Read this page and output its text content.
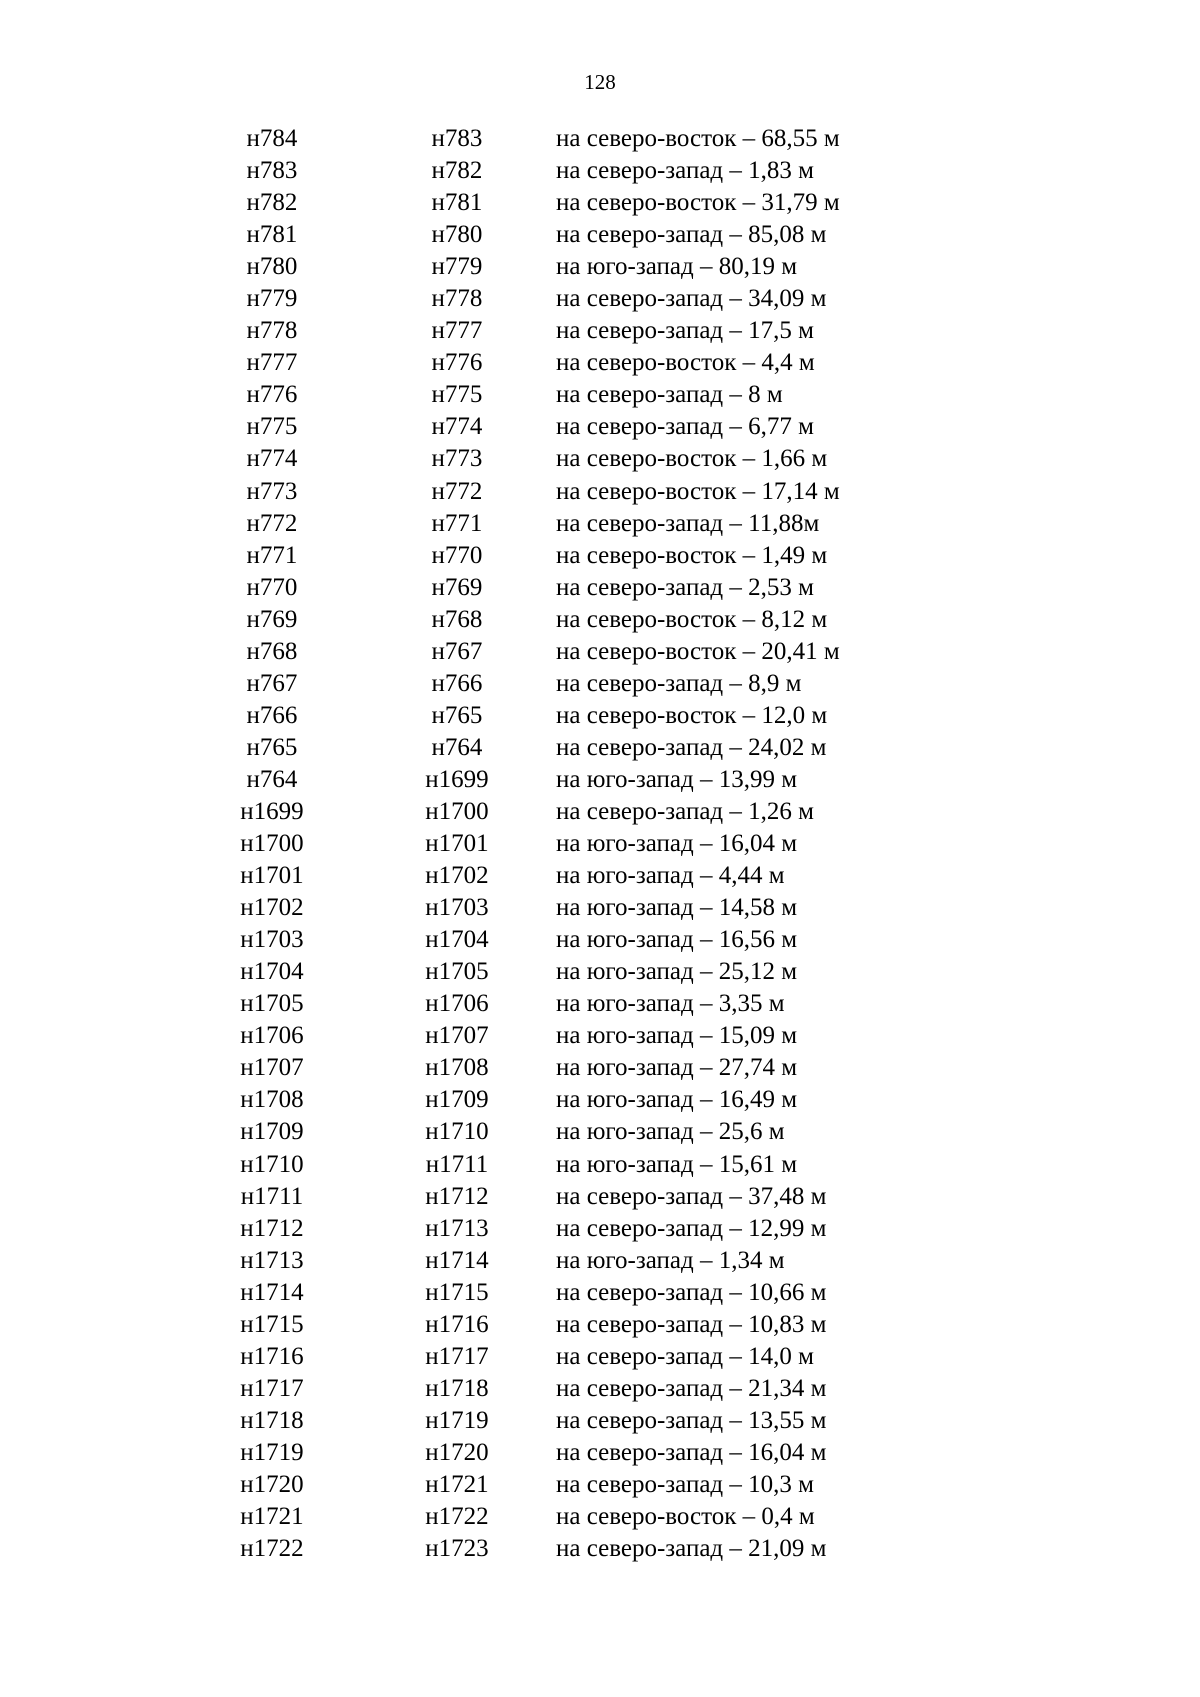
128
н784	н783	на северо-восток – 68,55 м
н783	н782	на северо-запад – 1,83 м
н782	н781	на северо-восток – 31,79 м
н781	н780	на северо-запад – 85,08 м
н780	н779	на юго-запад – 80,19 м
н779	н778	на северо-запад – 34,09 м
н778	н777	на северо-запад – 17,5 м
н777	н776	на северо-восток – 4,4 м
н776	н775	на северо-запад – 8 м
н775	н774	на северо-запад – 6,77 м
н774	н773	на северо-восток – 1,66 м
н773	н772	на северо-восток – 17,14 м
н772	н771	на северо-запад – 11,88м
н771	н770	на северо-восток – 1,49 м
н770	н769	на северо-запад – 2,53 м
н769	н768	на северо-восток – 8,12 м
н768	н767	на северо-восток – 20,41 м
н767	н766	на северо-запад – 8,9 м
н766	н765	на северо-восток – 12,0 м
н765	н764	на северо-запад – 24,02 м
н764	н1699	на юго-запад – 13,99 м
н1699	н1700	на северо-запад – 1,26 м
н1700	н1701	на юго-запад – 16,04 м
н1701	н1702	на юго-запад – 4,44 м
н1702	н1703	на юго-запад – 14,58 м
н1703	н1704	на юго-запад – 16,56 м
н1704	н1705	на юго-запад – 25,12 м
н1705	н1706	на юго-запад – 3,35 м
н1706	н1707	на юго-запад – 15,09 м
н1707	н1708	на юго-запад – 27,74 м
н1708	н1709	на юго-запад – 16,49 м
н1709	н1710	на юго-запад – 25,6 м
н1710	н1711	на юго-запад – 15,61 м
н1711	н1712	на северо-запад – 37,48 м
н1712	н1713	на северо-запад – 12,99 м
н1713	н1714	на юго-запад – 1,34 м
н1714	н1715	на северо-запад – 10,66 м
н1715	н1716	на северо-запад – 10,83 м
н1716	н1717	на северо-запад – 14,0 м
н1717	н1718	на северо-запад – 21,34 м
н1718	н1719	на северо-запад – 13,55 м
н1719	н1720	на северо-запад – 16,04 м
н1720	н1721	на северо-запад – 10,3 м
н1721	н1722	на северо-восток – 0,4 м
н1722	н1723	на северо-запад – 21,09 м
